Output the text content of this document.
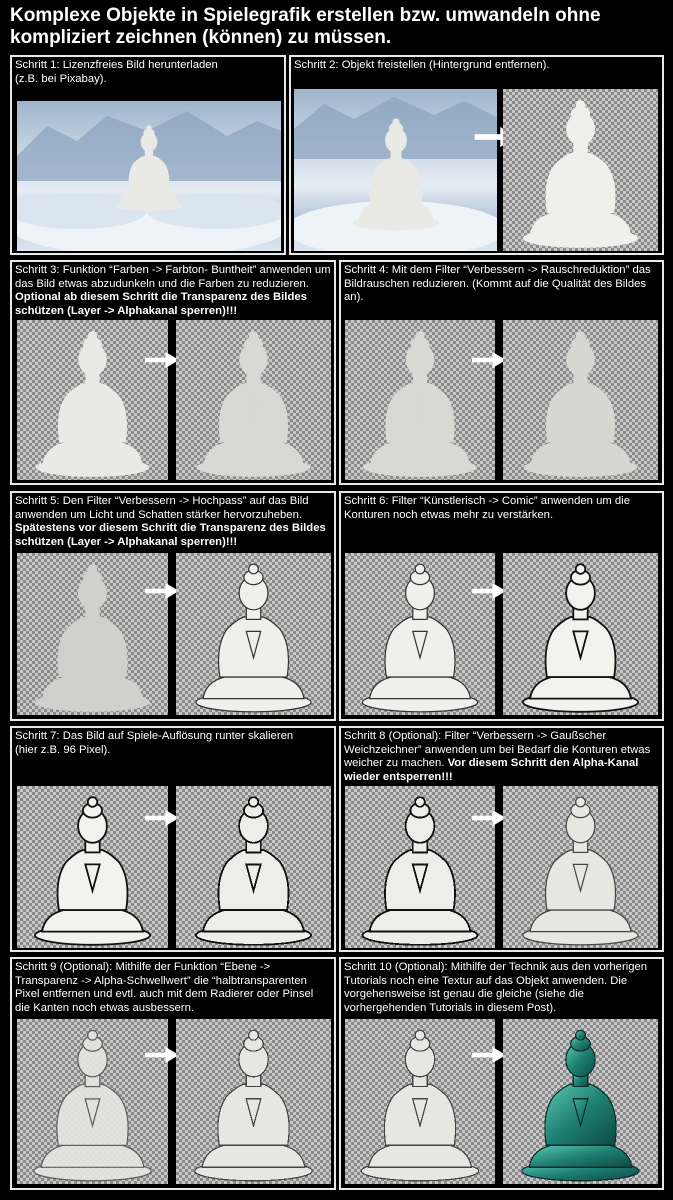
Komplexe Objekte in Spielegrafik erstellen bzw. umwandeln ohne
kompliziert zeichnen (können) zu müssen.

Schritt 1: Lizenzfreies Bild herunterladen
(z.B. bei Pixabay).

Schritt 2: Objekt freistellen (Hintergrund entfernen).

Schritt 3: Funktion “Farben -> Farbton- Buntheit” anwenden um das Bild etwas abzudunkeln und die Farben zu reduzieren. Optional ab diesem Schritt die Transparenz des Bildes schützen (Layer -> Alphakanal sperren)!!!

Schritt 4: Mit dem Filter “Verbessern -> Rauschreduktion” das Bildrauschen reduzieren. (Kommt auf die Qualität des Bildes an).

Schritt 5: Den Filter “Verbessern -> Hochpass” auf das Bild anwenden um Licht und Schatten stärker hervorzuheben. Spätestens vor diesem Schritt die Transparenz des Bildes schützen (Layer -> Alphakanal sperren)!!!

Schritt 6: Filter “Künstlerisch -> Comic” anwenden um die Konturen noch etwas mehr zu verstärken.

Schritt 7: Das Bild auf Spiele-Auflösung runter skalieren
(hier z.B. 96 Pixel).

Schritt 8 (Optional): Filter “Verbessern -> Gaußscher Weichzeichner” anwenden um bei Bedarf die Konturen etwas weicher zu machen. Vor diesem Schritt den Alpha-Kanal wieder entsperren!!!

Schritt 9 (Optional): Mithilfe der Funktion “Ebene -> Transparenz -> Alpha-Schwellwert” die “halbtransparenten Pixel entfernen und evtl. auch mit dem Radierer oder Pinsel die Kanten noch etwas ausbessern.

Schritt 10 (Optional): Mithilfe der Technik aus den vorherigen Tutorials noch eine Textur auf das Objekt anwenden. Die vorgehensweise ist genau die gleiche (siehe die vorhergehenden Tutorials in diesem Post).
